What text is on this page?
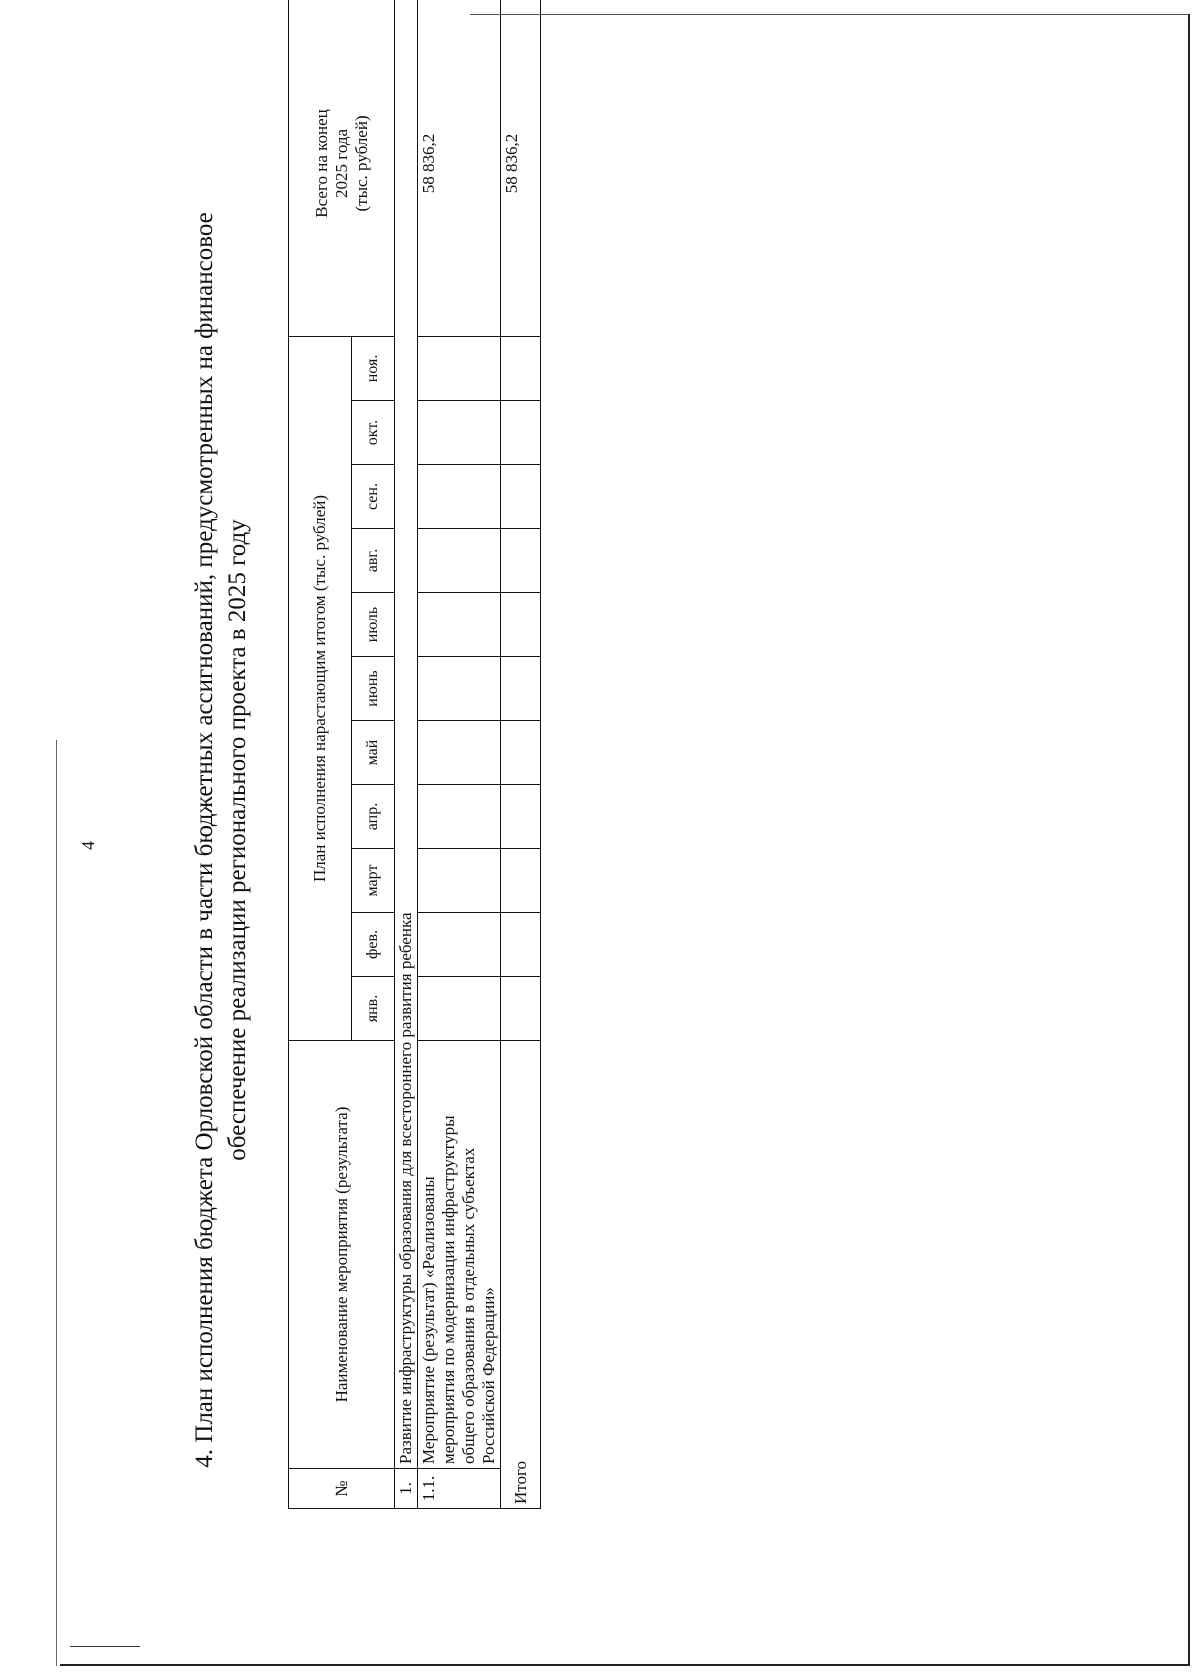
4	4. План исполнения бюджета Орловской области в части бюджетных ассигнований, предусмотренных на финансовое обеспечение реализации регионального проекта в 2025 году
№	Наименование мероприятия (результата)	План исполнения нарастающим итогом (тыс. рублей)											Всего на конец 2025 года (тыс. рублей)

		янв.	фев.	март	апр.	май	июнь	июль	авг.	сен.	окт.	ноя.	
1.	Развитие инфраструктуры образования для всестороннего развития ребенка												
1.1.	Мероприятие (результат) «Реализованы мероприятия по модернизации инфраструктуры общего образования в отдельных субъектах Российской Федерации»												58 836,2
Итого													58 836,2
